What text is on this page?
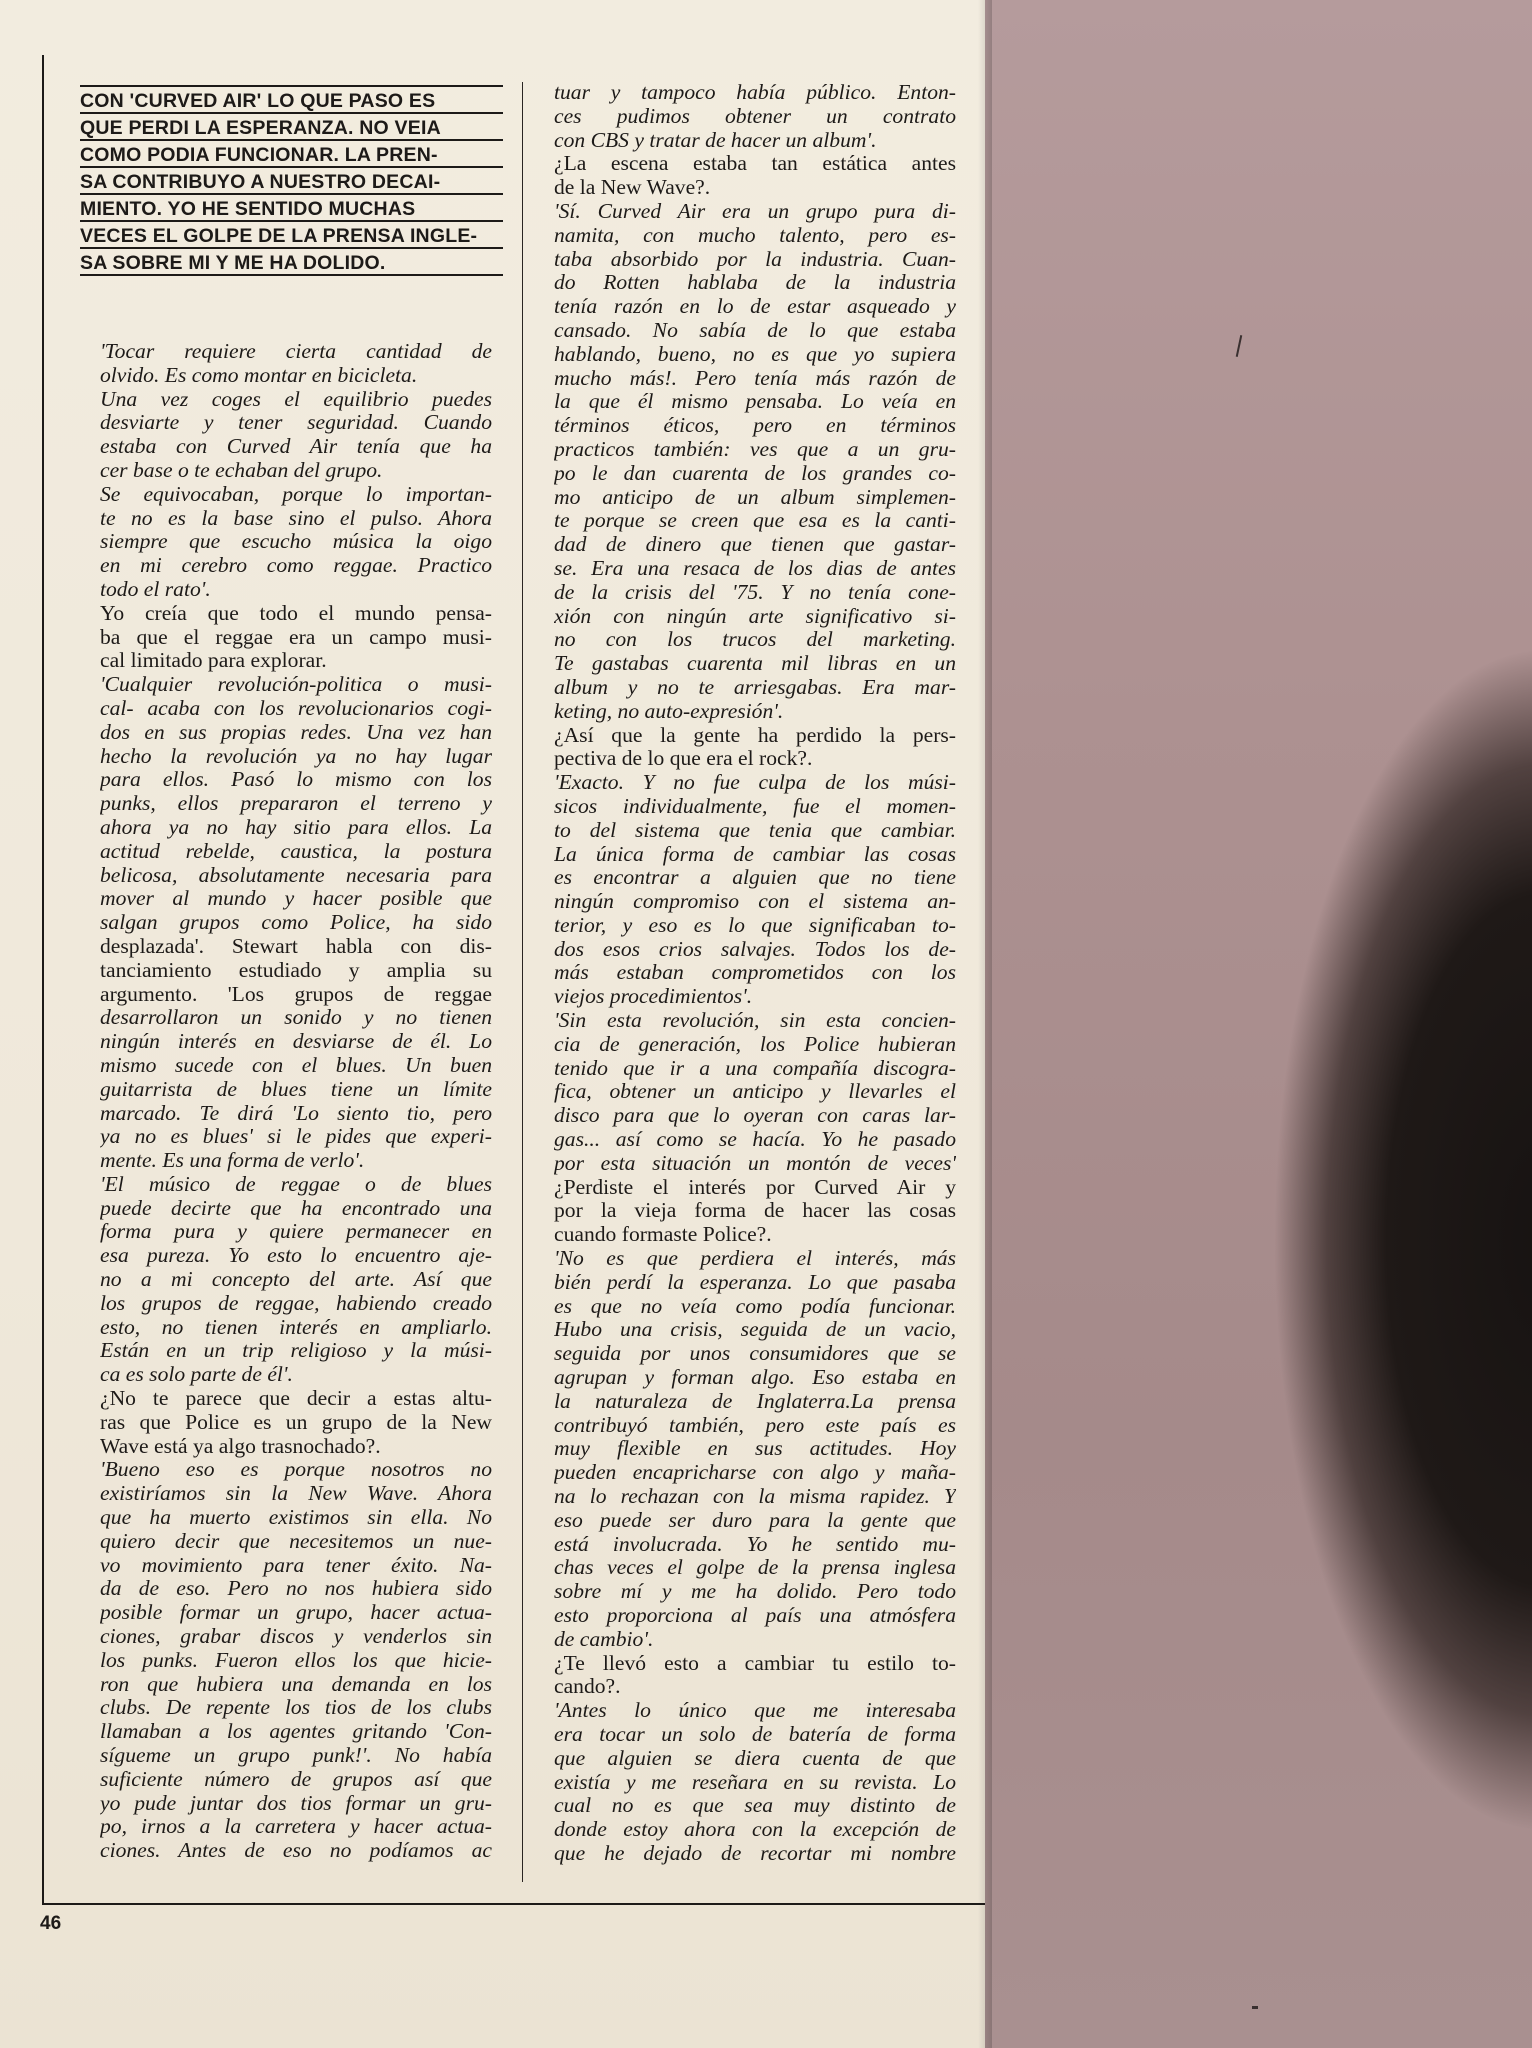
CON 'CURVED AIR' LO QUE PASO ES
QUE PERDI LA ESPERANZA. NO VEIA
COMO PODIA FUNCIONAR. LA PREN-
SA CONTRIBUYO A NUESTRO DECAI-
MIENTO. YO HE SENTIDO MUCHAS
VECES EL GOLPE DE LA PRENSA INGLE-
SA SOBRE MI Y ME HA DOLIDO.
'Tocar requiere cierta cantidad de
olvido. Es como montar en bicicleta.
Una vez coges el equilibrio puedes
desviarte y tener seguridad. Cuando
estaba con Curved Air tenía que ha
cer base o te echaban del grupo.
Se equivocaban, porque lo importan-
te no es la base sino el pulso. Ahora
siempre que escucho música la oigo
en mi cerebro como reggae. Practico
todo el rato'.
Yo creía que todo el mundo pensa-
ba que el reggae era un campo musi-
cal limitado para explorar.
'Cualquier revolución-politica o musi-
cal- acaba con los revolucionarios cogi-
dos en sus propias redes. Una vez han
hecho la revolución ya no hay lugar
para ellos. Pasó lo mismo con los
punks, ellos prepararon el terreno y
ahora ya no hay sitio para ellos. La
actitud rebelde, caustica, la postura
belicosa, absolutamente necesaria para
mover al mundo y hacer posible que
salgan grupos como Police, ha sido
desplazada'. Stewart habla con dis-
tanciamiento estudiado y amplia su
argumento. 'Los grupos de reggae
desarrollaron un sonido y no tienen
ningún interés en desviarse de él. Lo
mismo sucede con el blues. Un buen
guitarrista de blues tiene un límite
marcado. Te dirá 'Lo siento tio, pero
ya no es blues' si le pides que experi-
mente. Es una forma de verlo'.
'El músico de reggae o de blues
puede decirte que ha encontrado una
forma pura y quiere permanecer en
esa pureza. Yo esto lo encuentro aje-
no a mi concepto del arte. Así que
los grupos de reggae, habiendo creado
esto, no tienen interés en ampliarlo.
Están en un trip religioso y la músi-
ca es solo parte de él'.
¿No te parece que decir a estas altu-
ras que Police es un grupo de la New
Wave está ya algo trasnochado?.
'Bueno eso es porque nosotros no
existiríamos sin la New Wave. Ahora
que ha muerto existimos sin ella. No
quiero decir que necesitemos un nue-
vo movimiento para tener éxito. Na-
da de eso. Pero no nos hubiera sido
posible formar un grupo, hacer actua-
ciones, grabar discos y venderlos sin
los punks. Fueron ellos los que hicie-
ron que hubiera una demanda en los
clubs. De repente los tios de los clubs
llamaban a los agentes gritando 'Con-
sígueme un grupo punk!'. No había
suficiente número de grupos así que
yo pude juntar dos tios formar un gru-
po, irnos a la carretera y hacer actua-
ciones. Antes de eso no podíamos ac
tuar y tampoco había público. Enton-
ces pudimos obtener un contrato
con CBS y tratar de hacer un album'.
¿La escena estaba tan estática antes
de la New Wave?.
'Sí. Curved Air era un grupo pura di-
namita, con mucho talento, pero es-
taba absorbido por la industria. Cuan-
do Rotten hablaba de la industria
tenía razón en lo de estar asqueado y
cansado. No sabía de lo que estaba
hablando, bueno, no es que yo supiera
mucho más!. Pero tenía más razón de
la que él mismo pensaba. Lo veía en
términos éticos, pero en términos
practicos también: ves que a un gru-
po le dan cuarenta de los grandes co-
mo anticipo de un album simplemen-
te porque se creen que esa es la canti-
dad de dinero que tienen que gastar-
se. Era una resaca de los dias de antes
de la crisis del '75. Y no tenía cone-
xión con ningún arte significativo si-
no con los trucos del marketing.
Te gastabas cuarenta mil libras en un
album y no te arriesgabas. Era mar-
keting, no auto-expresión'.
¿Así que la gente ha perdido la pers-
pectiva de lo que era el rock?.
'Exacto. Y no fue culpa de los músi-
sicos individualmente, fue el momen-
to del sistema que tenia que cambiar.
La única forma de cambiar las cosas
es encontrar a alguien que no tiene
ningún compromiso con el sistema an-
terior, y eso es lo que significaban to-
dos esos crios salvajes. Todos los de-
más estaban comprometidos con los
viejos procedimientos'.
'Sin esta revolución, sin esta concien-
cia de generación, los Police hubieran
tenido que ir a una compañía discogra-
fica, obtener un anticipo y llevarles el
disco para que lo oyeran con caras lar-
gas... así como se hacía. Yo he pasado
por esta situación un montón de veces'
¿Perdiste el interés por Curved Air y
por la vieja forma de hacer las cosas
cuando formaste Police?.
'No es que perdiera el interés, más
bién perdí la esperanza. Lo que pasaba
es que no veía como podía funcionar.
Hubo una crisis, seguida de un vacio,
seguida por unos consumidores que se
agrupan y forman algo. Eso estaba en
la naturaleza de Inglaterra.La prensa
contribuyó también, pero este país es
muy flexible en sus actitudes. Hoy
pueden encapricharse con algo y maña-
na lo rechazan con la misma rapidez. Y
eso puede ser duro para la gente que
está involucrada. Yo he sentido mu-
chas veces el golpe de la prensa inglesa
sobre mí y me ha dolido. Pero todo
esto proporciona al país una atmósfera
de cambio'.
¿Te llevó esto a cambiar tu estilo to-
cando?.
'Antes lo único que me interesaba
era tocar un solo de batería de forma
que alguien se diera cuenta de que
existía y me reseñara en su revista. Lo
cual no es que sea muy distinto de
donde estoy ahora con la excepción de
que he dejado de recortar mi nombre
46
